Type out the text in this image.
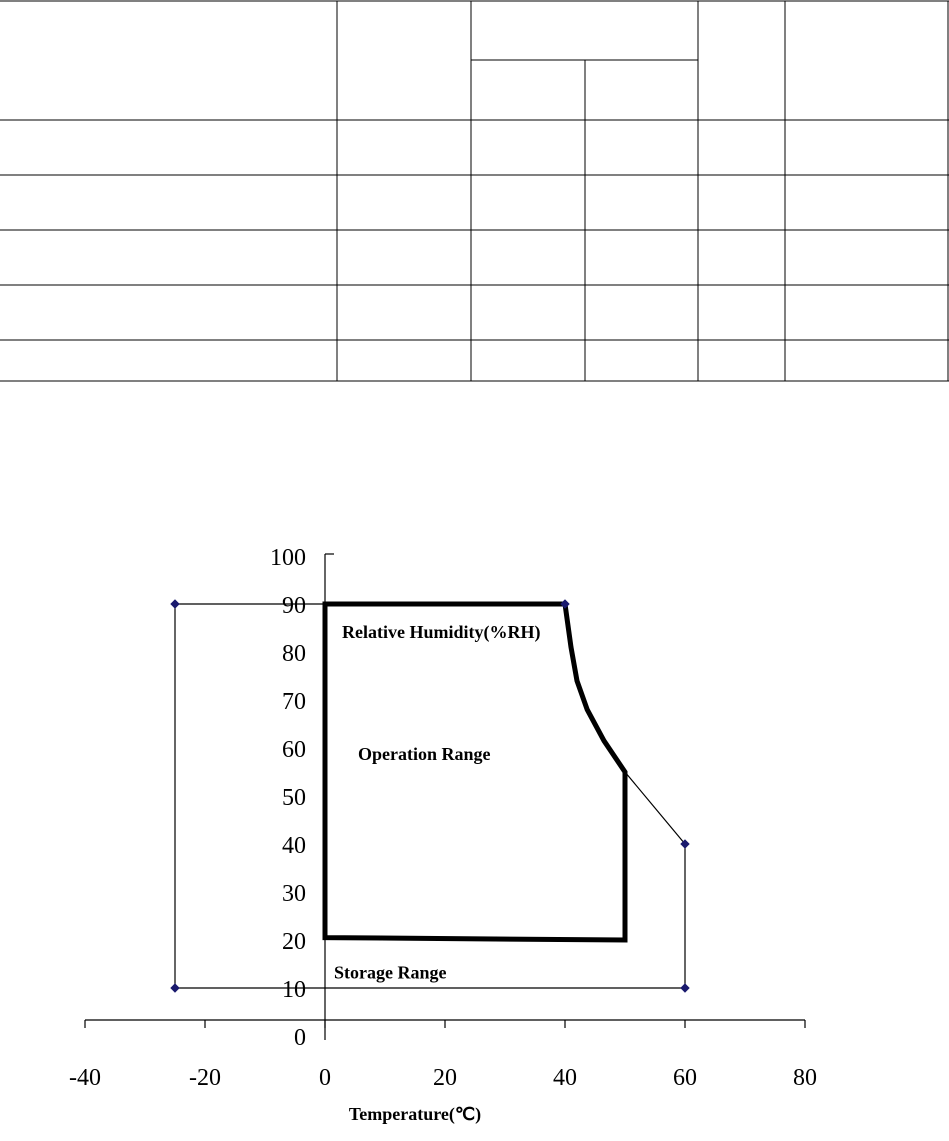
-40	-20	0	20	40	60	80
0
10
20
30
40
50
60
70
80
90
100
Relative Humidity(%RH)
Temperature(℃)
Operation Range
Storage Range
